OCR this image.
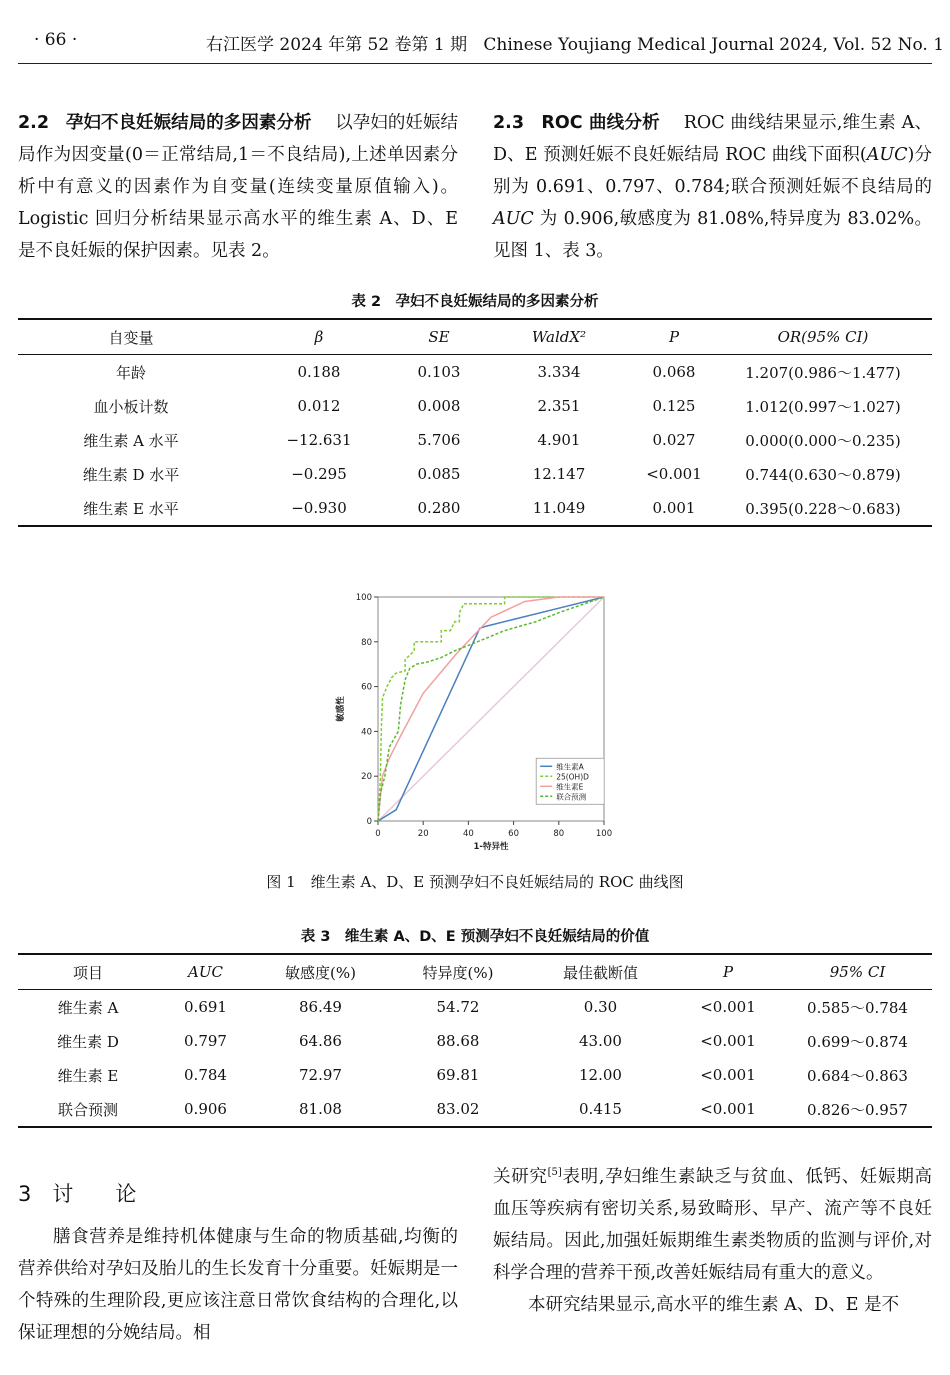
· 66 ·	右江医学 2024 年第 52 卷第 1 期 Chinese Youjiang Medical Journal 2024, Vol. 52 No. 1
2.2 孕妇不良妊娠结局的多因素分析 以孕妇的妊娠结局作为因变量(0＝正常结局,1＝不良结局),上述单因素分析中有意义的因素作为自变量(连续变量原值输入)。Logistic 回归分析结果显示高水平的维生素 A、D、E 是不良妊娠的保护因素。见表 2。
2.3 ROC 曲线分析 ROC 曲线结果显示,维生素 A、D、E 预测妊娠不良妊娠结局 ROC 曲线下面积(AUC)分别为 0.691、0.797、0.784;联合预测妊娠不良结局的 AUC 为 0.906,敏感度为 81.08%,特异度为 83.02%。见图 1、表 3。
表 2　孕妇不良妊娠结局的多因素分析
自变量	β	SE	WaldX²	P	OR(95% CI)
年龄	0.188	0.103	3.334	0.068	1.207(0.986～1.477)
血小板计数	0.012	0.008	2.351	0.125	1.012(0.997～1.027)
维生素 A 水平	−12.631	5.706	4.901	0.027	0.000(0.000～0.235)
维生素 D 水平	−0.295	0.085	12.147	<0.001	0.744(0.630～0.879)
维生素 E 水平	−0.930	0.280	11.049	0.001	0.395(0.228～0.683)
0	20	40	60	80	100
0
20
40
60
80
100
1-特异性
敏感性
维生素A
25(OH)D
维生素E
联合预测
图 1　维生素 A、D、E 预测孕妇不良妊娠结局的 ROC 曲线图
表 3　维生素 A、D、E 预测孕妇不良妊娠结局的价值
项目	AUC	敏感度(%)	特异度(%)	最佳截断值	P	95% CI
维生素 A	0.691	86.49	54.72	0.30	<0.001	0.585～0.784
维生素 D	0.797	64.86	88.68	43.00	<0.001	0.699～0.874
维生素 E	0.784	72.97	69.81	12.00	<0.001	0.684～0.863
联合预测	0.906	81.08	83.02	0.415	<0.001	0.826～0.957
3　讨　　论

膳食营养是维持机体健康与生命的物质基础,均衡的营养供给对孕妇及胎儿的生长发育十分重要。妊娠期是一个特殊的生理阶段,更应该注意日常饮食结构的合理化,以保证理想的分娩结局。相

关研究[5]表明,孕妇维生素缺乏与贫血、低钙、妊娠期高血压等疾病有密切关系,易致畸形、早产、流产等不良妊娠结局。因此,加强妊娠期维生素类物质的监测与评价,对科学合理的营养干预,改善妊娠结局有重大的意义。

本研究结果显示,高水平的维生素 A、D、E 是不
